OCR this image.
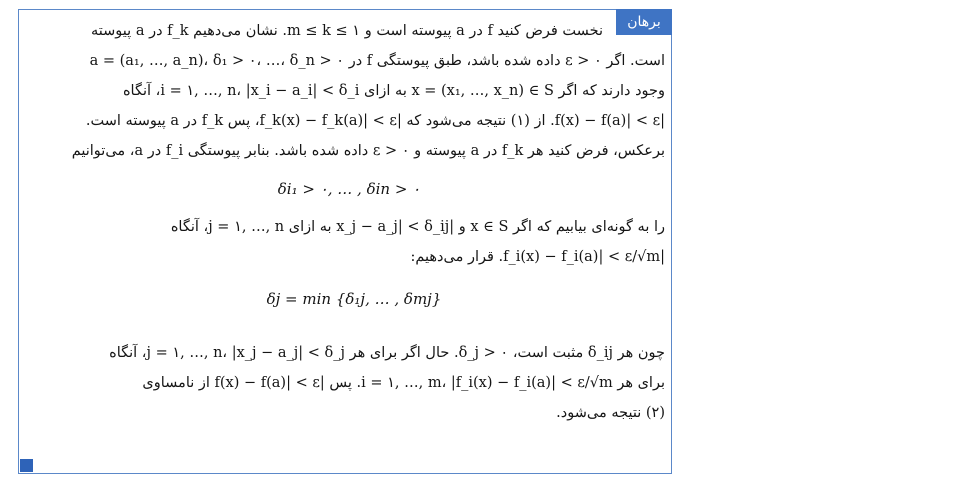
برهان
نخست فرض کنید f در a پیوسته است و m ≤ k ≤ ۱. نشان می‌دهیم f_k در a پیوسته
است. اگر ε > ۰ داده شده باشد، طبق پیوستگی f در a = (a₁, …, a_n)، δ₁ > ۰، …، δ_n > ۰
وجود دارند که اگر x = (x₁, …, x_n) ∈ S به ازای i = ۱, …, n، |x_i − a_i| < δ_i، آنگاه
|f(x) − f(a)| < ε. از (۱) نتیجه می‌شود که |f_k(x) − f_k(a)| < ε، پس f_k در a پیوسته است.
برعکس، فرض کنید هر f_k در a پیوسته و ε > ۰ داده شده باشد. بنابر پیوستگی f_i در a، می‌توانیم
δi₁ > ۰, … , δin > ۰
را به گونه‌ای بیابیم که اگر x ∈ S و |x_j − a_j| < δ_ij به ازای j = ۱, …, n، آنگاه
|f_i(x) − f_i(a)| < ε/√m. قرار می‌دهیم:
δj = min {δ₁j, … , δmj}
چون هر δ_ij مثبت است، δ_j > ۰. حال اگر برای هر j = ۱, …, n، |x_j − a_j| < δ_j، آنگاه
برای هر i = ۱, …, m، |f_i(x) − f_i(a)| < ε/√m. پس |f(x) − f(a)| < ε از نامساوی
(۲) نتیجه می‌شود.
